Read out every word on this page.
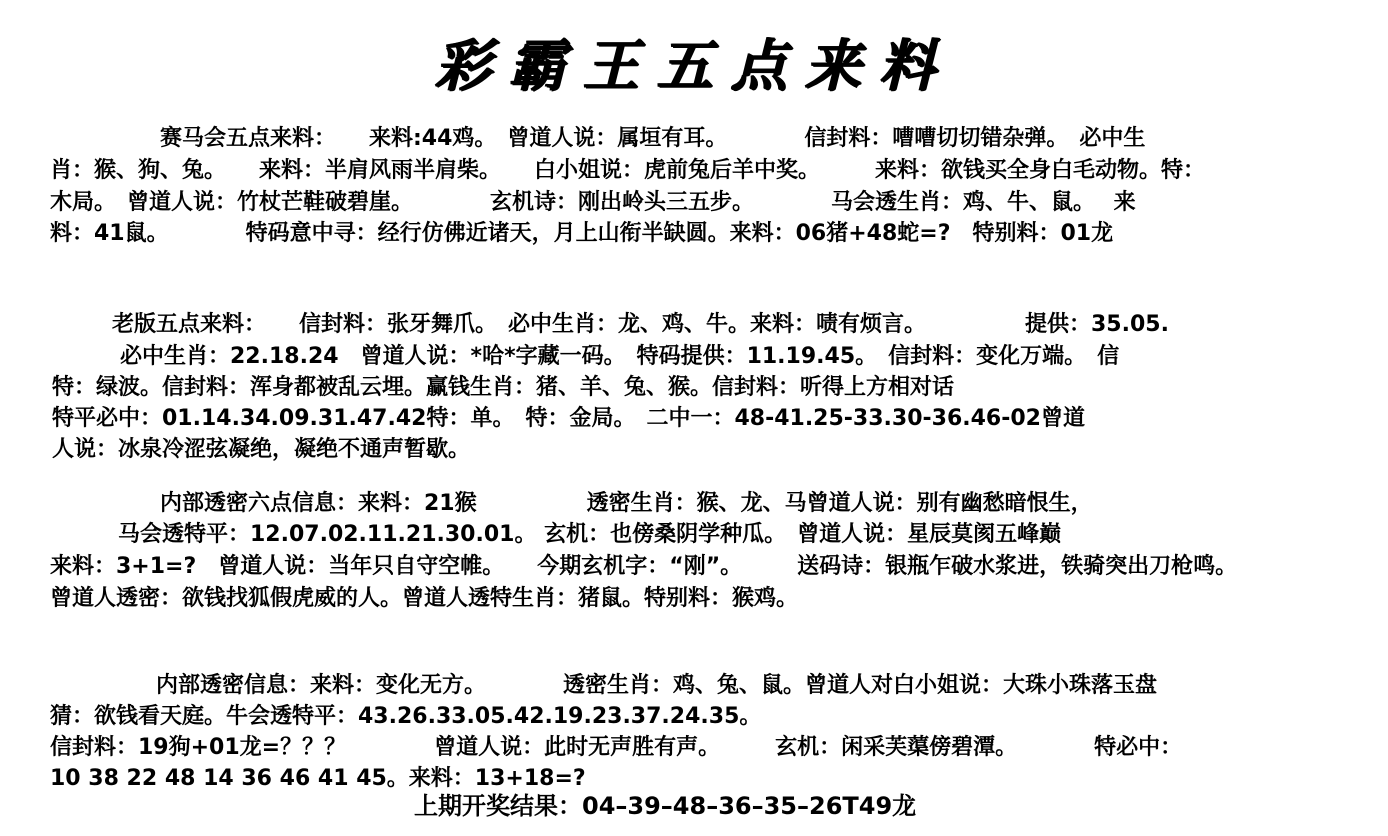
彩霸王五点来料
赛马会五点来料：　　来料:44鸡。　曾道人说：属垣有耳。　　　　信封料：嘈嘈切切错杂弹。　必中生
肖：猴、狗、兔。　　来料：半肩风雨半肩柴。　　白小姐说：虎前兔后羊中奖。　　　来料：欲钱买全身白毛动物。特：
木局。　曾道人说：竹杖芒鞋破碧崖。　　　　玄机诗：刚出岭头三五步。　　　　马会透生肖：鸡、牛、鼠。　 来
料：41鼠。　　　　特码意中寻：经行仿佛近诸天，月上山衔半缺圆。来料：06猪+48蛇=?　特别料：01龙
老版五点来料：　　信封料：张牙舞爪。　必中生肖：龙、鸡、牛。来料：啧有烦言。　　　　　提供：35.05.
必中生肖：22.18.24　曾道人说：*哈*字藏一码。　特码提供：11.19.45。　信封料：变化万端。　信
特：绿波。信封料：浑身都被乱云埋。赢钱生肖：猪、羊、兔、猴。信封料：听得上方相对话
特平必中：01.14.34.09.31.47.42特：单。　特：金局。　二中一：48-41.25-33.30-36.46-02曾道
人说：冰泉冷涩弦凝绝，凝绝不通声暂歇。
内部透密六点信息：来料：21猴　　　　　透密生肖：猴、龙、马曾道人说：别有幽愁暗恨生，
马会透特平：12.07.02.11.21.30.01。 玄机：也傍桑阴学种瓜。　曾道人说：星辰莫阂五峰巅
来料：3+1=?　曾道人说：当年只自守空帷。　　今期玄机字：“刚”。　　　送码诗：银瓶乍破水浆进，铁骑突出刀枪鸣。
曾道人透密：欲钱找狐假虎威的人。曾道人透特生肖：猪鼠。特别料：猴鸡。
内部透密信息：来料：变化无方。　　　　透密生肖：鸡、兔、鼠。曾道人对白小姐说：大珠小珠落玉盘
猜：欲钱看天庭。牛会透特平：43.26.33.05.42.19.23.37.24.35。
信封料：19狗+01龙=？？？　　　　曾道人说：此时无声胜有声。　　　玄机：闲采芙蕖傍碧潭。　　　　特必中：
10 38 22 48 14 36 46 41 45。来料：13+18=?
上期开奖结果：04–39–48–36–35–26T49龙
